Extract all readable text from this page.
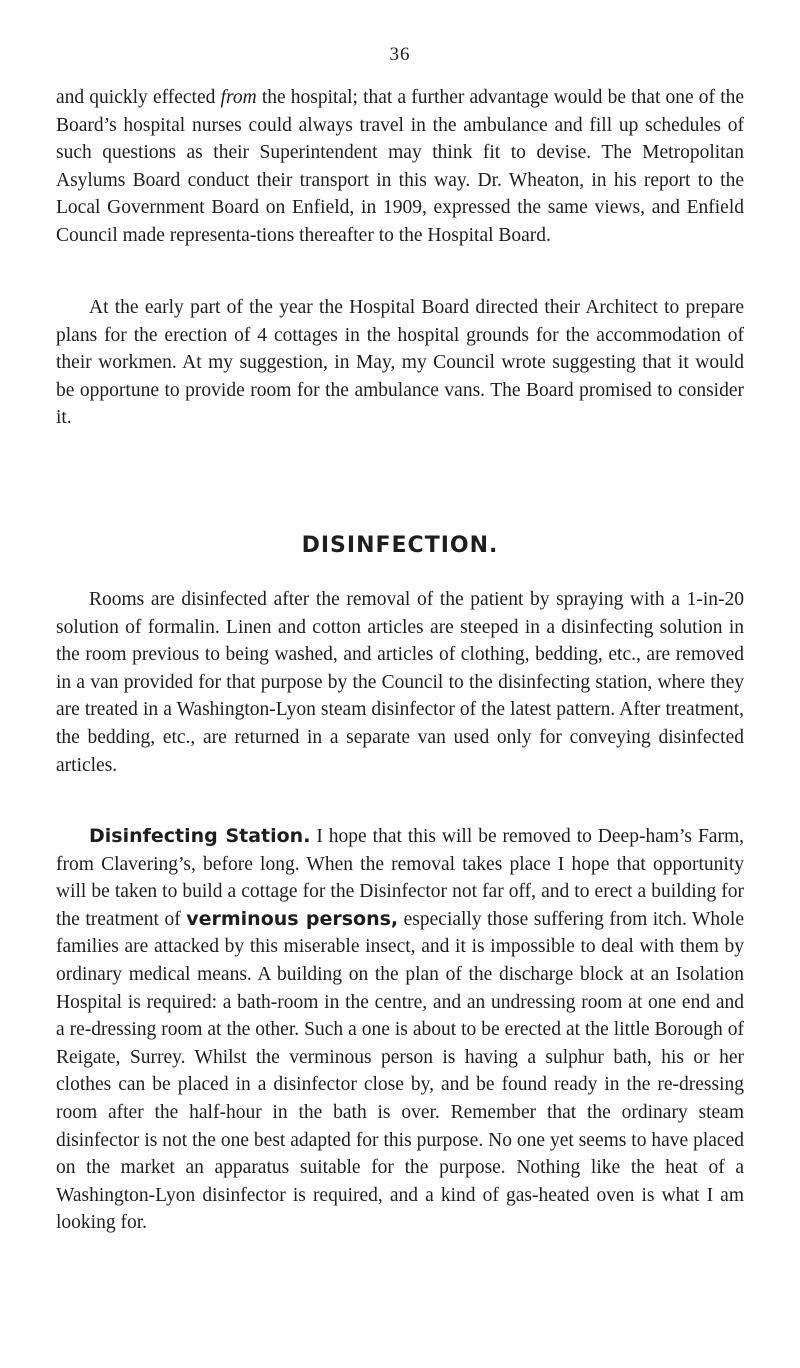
36

and quickly effected from the hospital; that a further advantage would be that one of the Board’s hospital nurses could always travel in the ambulance and fill up schedules of such questions as their Superintendent may think fit to devise. The Metropolitan Asylums Board conduct their transport in this way. Dr. Wheaton, in his report to the Local Government Board on Enfield, in 1909, expressed the same views, and Enfield Council made representa-tions thereafter to the Hospital Board.

At the early part of the year the Hospital Board directed their Architect to prepare plans for the erection of 4 cottages in the hospital grounds for the accommodation of their workmen. At my suggestion, in May, my Council wrote suggesting that it would be opportune to provide room for the ambulance vans. The Board promised to consider it.

DISINFECTION.

Rooms are disinfected after the removal of the patient by spraying with a 1-in-20 solution of formalin. Linen and cotton articles are steeped in a disinfecting solution in the room previous to being washed, and articles of clothing, bedding, etc., are removed in a van provided for that purpose by the Council to the disinfecting station, where they are treated in a Washington-Lyon steam disinfector of the latest pattern. After treatment, the bedding, etc., are returned in a separate van used only for conveying disinfected articles.

Disinfecting Station. I hope that this will be removed to Deep-ham’s Farm, from Clavering’s, before long. When the removal takes place I hope that opportunity will be taken to build a cottage for the Disinfector not far off, and to erect a building for the treatment of verminous persons, especially those suffering from itch. Whole families are attacked by this miserable insect, and it is impossible to deal with them by ordinary medical means. A building on the plan of the discharge block at an Isolation Hospital is required: a bath-room in the centre, and an undressing room at one end and a re-dressing room at the other. Such a one is about to be erected at the little Borough of Reigate, Surrey. Whilst the verminous person is having a sulphur bath, his or her clothes can be placed in a disinfector close by, and be found ready in the re-dressing room after the half-hour in the bath is over. Remember that the ordinary steam disinfector is not the one best adapted for this purpose. No one yet seems to have placed on the market an apparatus suitable for the purpose. Nothing like the heat of a Washington-Lyon disinfector is required, and a kind of gas-heated oven is what I am looking for.
